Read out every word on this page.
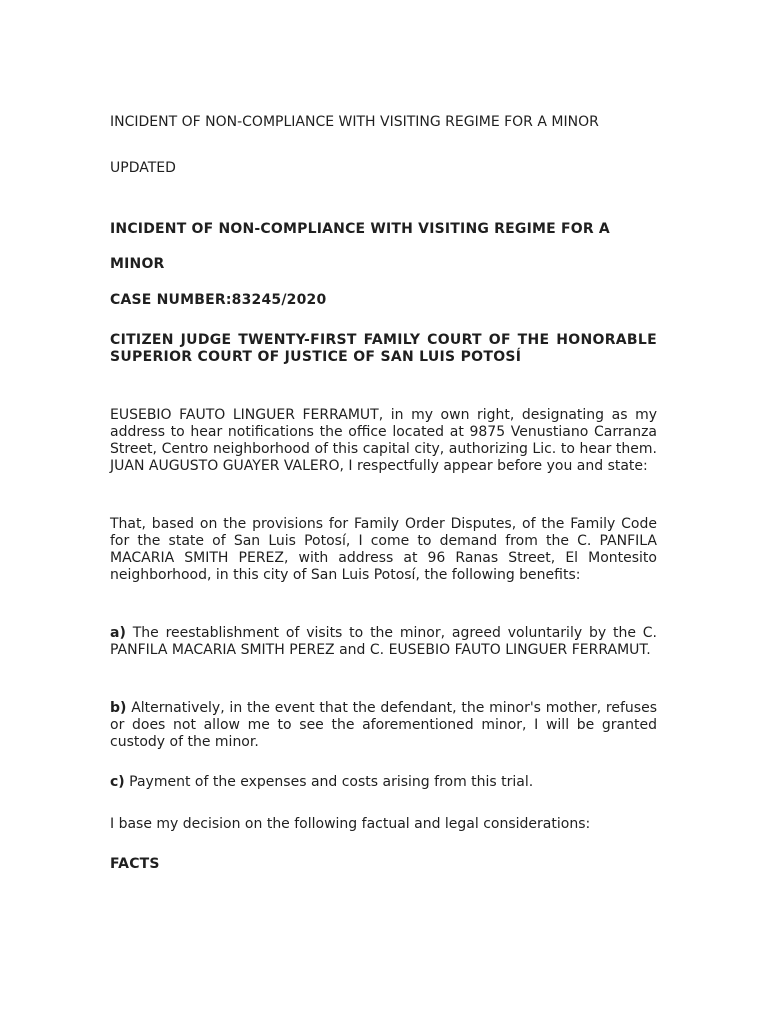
INCIDENT OF NON-COMPLIANCE WITH VISITING REGIME FOR A MINOR
UPDATED
INCIDENT OF NON-COMPLIANCE WITH VISITING REGIME FOR A
MINOR
CASE NUMBER:83245/2020

CITIZEN JUDGE TWENTY-FIRST FAMILY COURT OF THE HONORABLE SUPERIOR COURT OF JUSTICE OF SAN LUIS POTOSÍ

EUSEBIO FAUTO LINGUER FERRAMUT, in my own right, designating as my address to hear notifications the office located at 9875 Venustiano Carranza Street, Centro neighborhood of this capital city, authorizing Lic. to hear them. JUAN AUGUSTO GUAYER VALERO, I respectfully appear before you and state:

That, based on the provisions for Family Order Disputes, of the Family Code for the state of San Luis Potosí, I come to demand from the C. PANFILA MACARIA SMITH PEREZ, with address at 96 Ranas Street, El Montesito neighborhood, in this city of San Luis Potosí, the following benefits:

a) The reestablishment of visits to the minor, agreed voluntarily by the C. PANFILA MACARIA SMITH PEREZ and C. EUSEBIO FAUTO LINGUER FERRAMUT.

b) Alternatively, in the event that the defendant, the minor's mother, refuses or does not allow me to see the aforementioned minor, I will be granted custody of the minor.

c) Payment of the expenses and costs arising from this trial.

I base my decision on the following factual and legal considerations:
FACTS
